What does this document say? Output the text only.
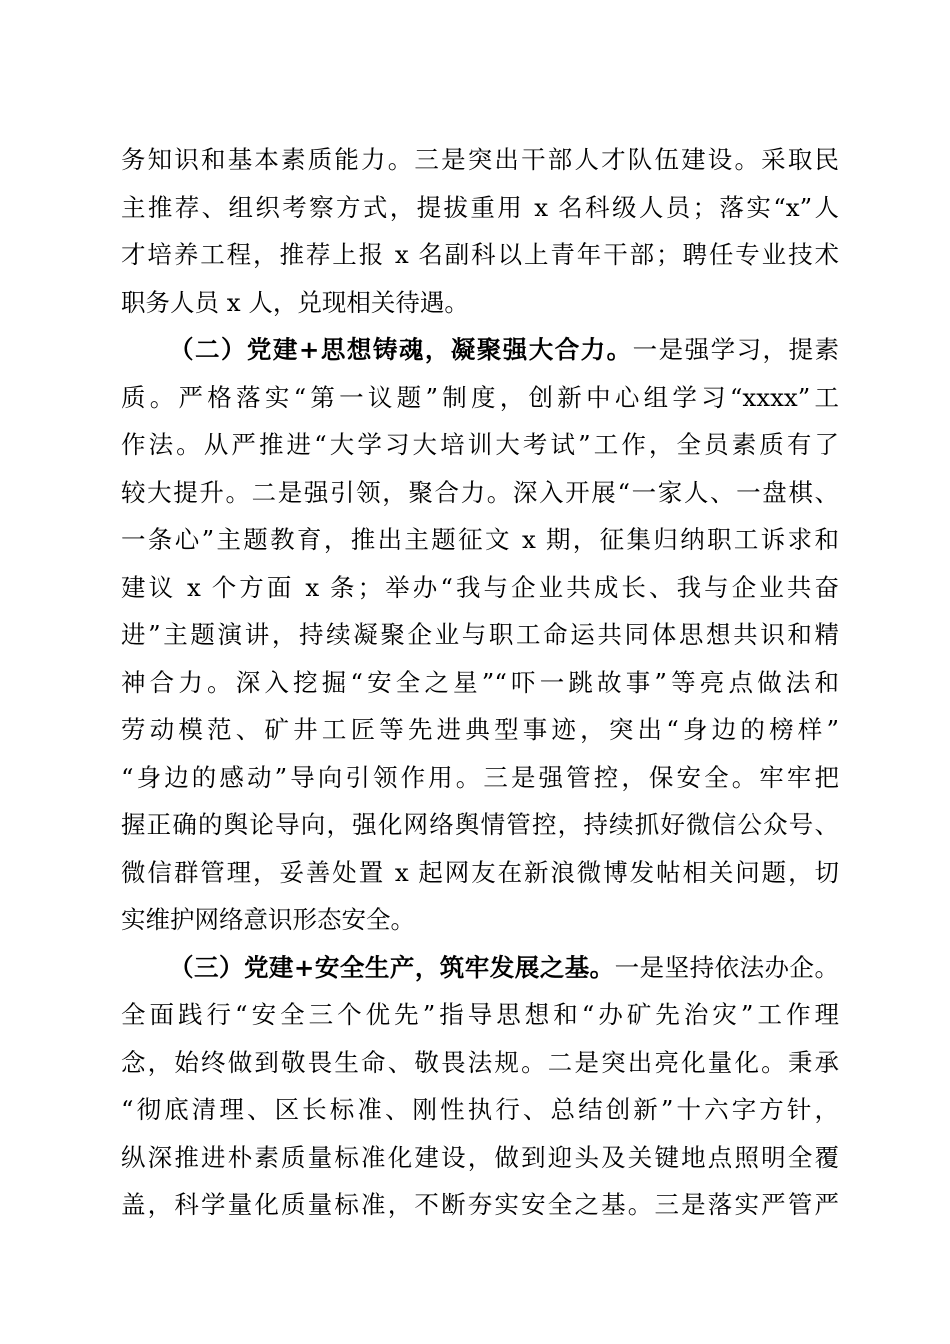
务知识和基本素质能力。三是突出干部人才队伍建设。采取民
主推荐、组织考察方式，提拔重用 x 名科级人员；落实“x”人
才培养工程，推荐上报 x 名副科以上青年干部；聘任专业技术
职务人员 x 人，兑现相关待遇。
（二）党建+思想铸魂，凝聚强大合力。一是强学习，提素
质。严格落实“第一议题”制度，创新中心组学习“xxxx”工
作法。从严推进“大学习大培训大考试”工作，全员素质有了
较大提升。二是强引领，聚合力。深入开展“一家人、一盘棋、
一条心”主题教育，推出主题征文 x 期，征集归纳职工诉求和
建议 x 个方面 x 条；举办“我与企业共成长、我与企业共奋
进”主题演讲，持续凝聚企业与职工命运共同体思想共识和精
神合力。深入挖掘“安全之星”“吓一跳故事”等亮点做法和
劳动模范、矿井工匠等先进典型事迹，突出“身边的榜样”
“身边的感动”导向引领作用。三是强管控，保安全。牢牢把
握正确的舆论导向，强化网络舆情管控，持续抓好微信公众号、
微信群管理，妥善处置 x 起网友在新浪微博发帖相关问题，切
实维护网络意识形态安全。
（三）党建+安全生产，筑牢发展之基。一是坚持依法办企。
全面践行“安全三个优先”指导思想和“办矿先治灾”工作理
念，始终做到敬畏生命、敬畏法规。二是突出亮化量化。秉承
“彻底清理、区长标准、刚性执行、总结创新”十六字方针，
纵深推进朴素质量标准化建设，做到迎头及关键地点照明全覆
盖，科学量化质量标准，不断夯实安全之基。三是落实严管严
